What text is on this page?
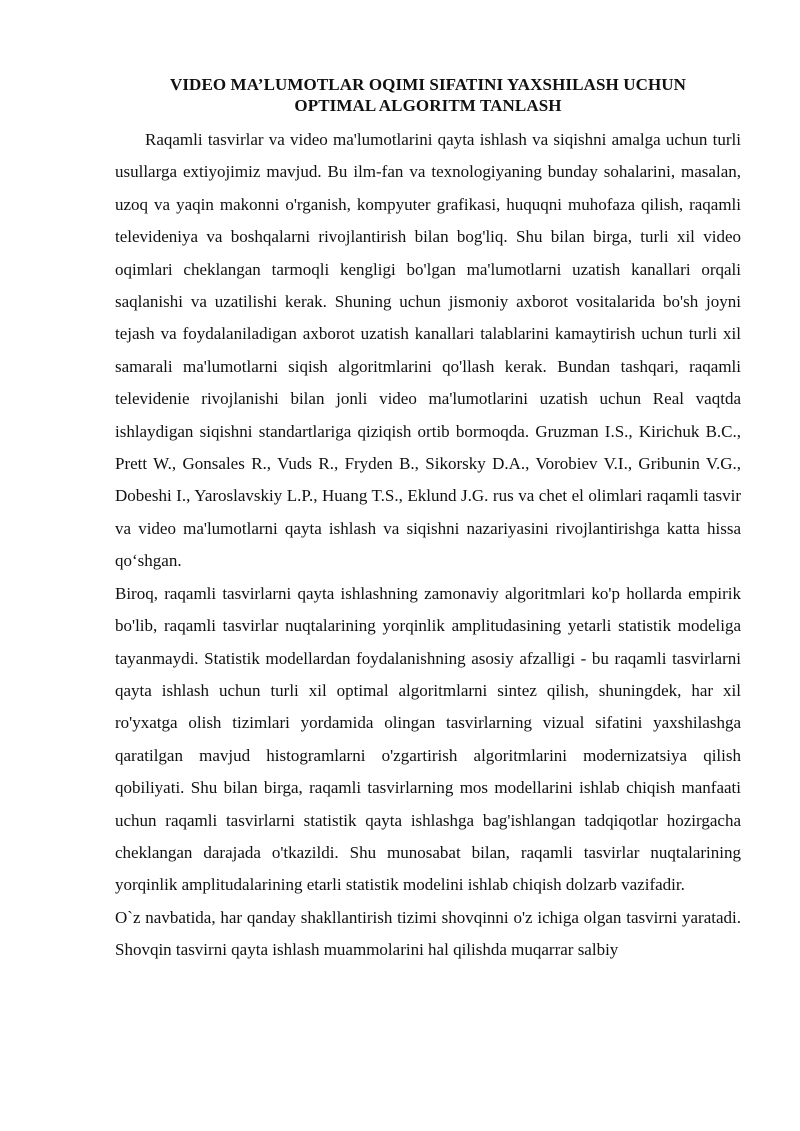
VIDEO MA’LUMOTLAR OQIMI SIFATINI YAXSHILASH UCHUN
OPTIMAL ALGORITM TANLASH

Raqamli tasvirlar va video ma'lumotlarini qayta ishlash va siqishni amalga uchun turli usullarga extiyojimiz mavjud. Bu ilm-fan va texnologiyaning bunday sohalarini, masalan, uzoq va yaqin makonni o'rganish, kompyuter grafikasi, huquqni muhofaza qilish, raqamli televideniya va boshqalarni rivojlantirish bilan bog'liq. Shu bilan birga, turli xil video oqimlari cheklangan tarmoqli kengligi bo'lgan ma'lumotlarni uzatish kanallari orqali saqlanishi va uzatilishi kerak. Shuning uchun jismoniy axborot vositalarida bo'sh joyni tejash va foydalaniladigan axborot uzatish kanallari talablarini kamaytirish uchun turli xil samarali ma'lumotlarni siqish algoritmlarini qo'llash kerak. Bundan tashqari, raqamli televidenie rivojlanishi bilan jonli video ma'lumotlarini uzatish uchun Real vaqtda ishlaydigan siqishni standartlariga qiziqish ortib bormoqda. Gruzman I.S., Kirichuk B.C., Prett W., Gonsales R., Vuds R., Fryden B., Sikorsky D.A., Vorobiev V.I., Gribunin V.G., Dobeshi I., Yaroslavskiy L.P., Huang T.S., Eklund J.G. rus va chet el olimlari raqamli tasvir va video ma'lumotlarni qayta ishlash va siqishni nazariyasini rivojlantirishga katta hissa qo‘shgan.

Biroq, raqamli tasvirlarni qayta ishlashning zamonaviy algoritmlari ko'p hollarda empirik bo'lib, raqamli tasvirlar nuqtalarining yorqinlik amplitudasining yetarli statistik modeliga tayanmaydi. Statistik modellardan foydalanishning asosiy afzalligi - bu raqamli tasvirlarni qayta ishlash uchun turli xil optimal algoritmlarni sintez qilish, shuningdek, har xil ro'yxatga olish tizimlari yordamida olingan tasvirlarning vizual sifatini yaxshilashga qaratilgan mavjud histogramlarni o'zgartirish algoritmlarini modernizatsiya qilish qobiliyati. Shu bilan birga, raqamli tasvirlarning mos modellarini ishlab chiqish manfaati uchun raqamli tasvirlarni statistik qayta ishlashga bag'ishlangan tadqiqotlar hozirgacha cheklangan darajada o'tkazildi. Shu munosabat bilan, raqamli tasvirlar nuqtalarining yorqinlik amplitudalarining etarli statistik modelini ishlab chiqish dolzarb vazifadir.

O`z navbatida, har qanday shakllantirish tizimi shovqinni o'z ichiga olgan tasvirni yaratadi. Shovqin tasvirni qayta ishlash muammolarini hal qilishda muqarrar salbiy
